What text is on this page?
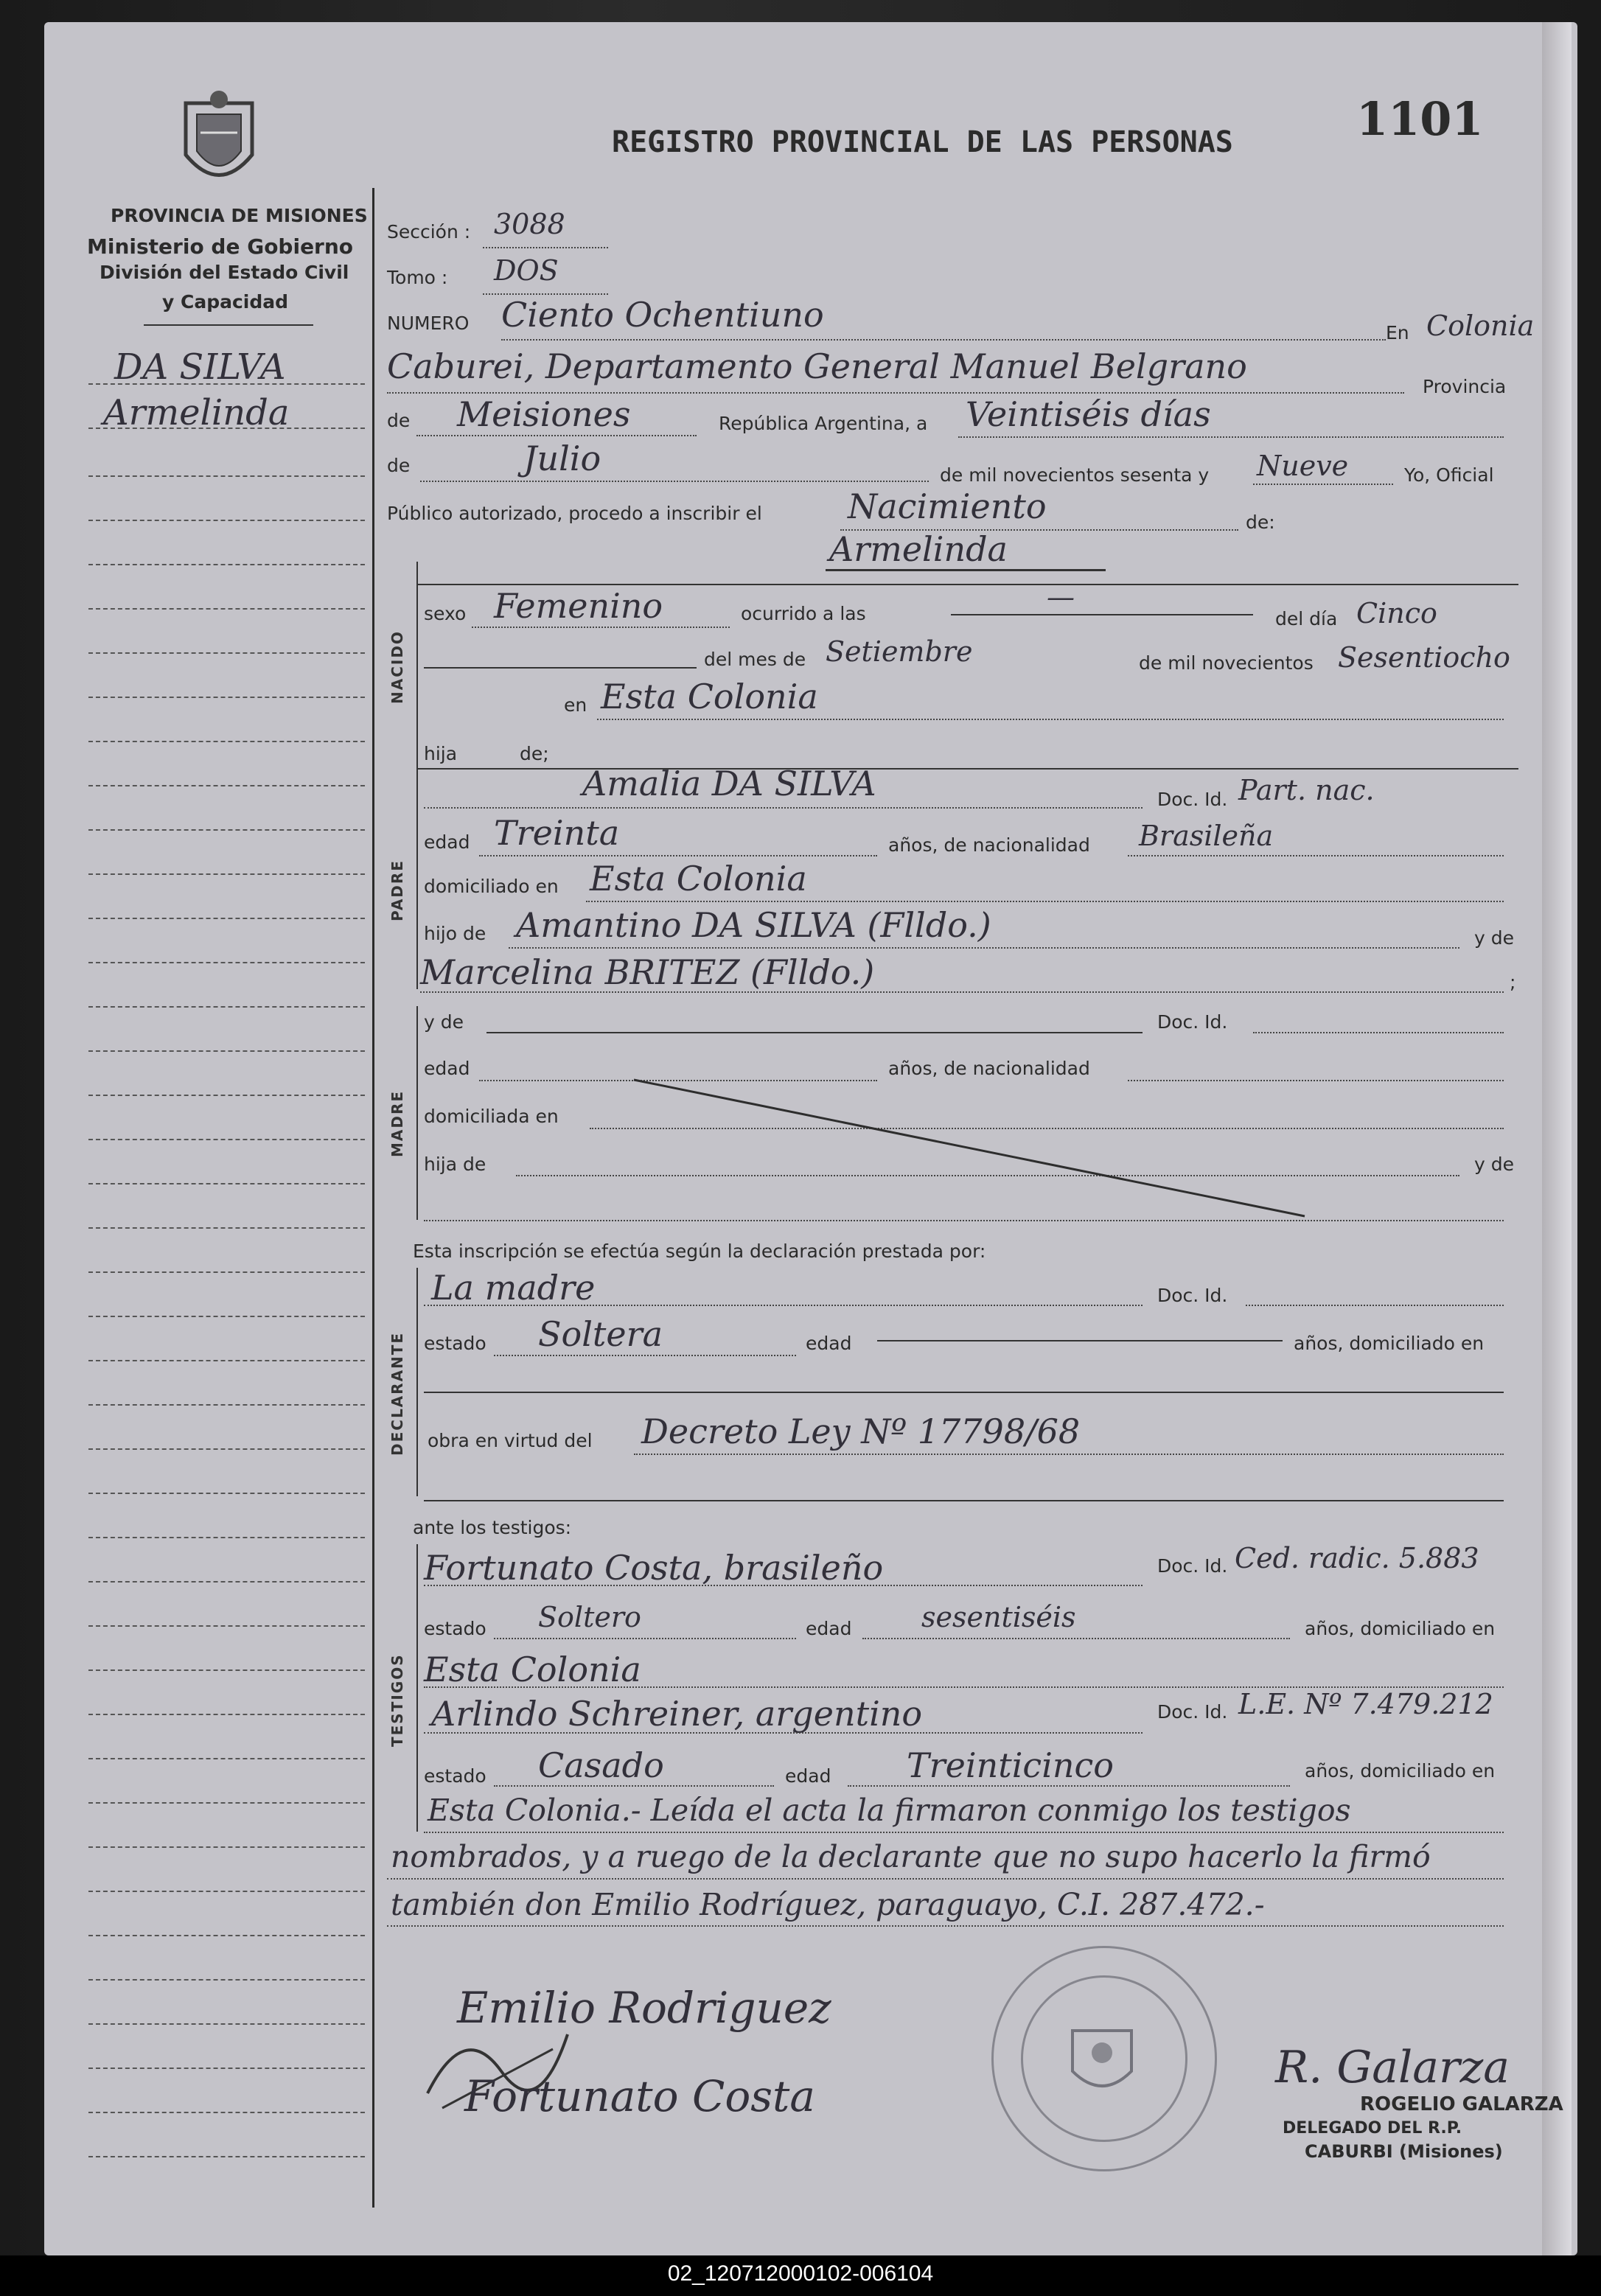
PROVINCIA DE MISIONES
Ministerio de Gobierno
División del Estado Civil
y Capacidad
REGISTRO PROVINCIAL DE LAS PERSONAS	1101
DA SILVA
Armelinda
Sección : 3088
Tomo : DOS
NUMERO Ciento Ochentiuno	En Colonia
Caburei, Departamento General Manuel Belgrano
Provincia
de Meisiones	República Argentina, a Veintiséis días
de	Julio	de mil novecientos sesenta y Nueve	Yo, Oficial
Público autorizado, procedo a inscribir el	Nacimiento	de:
Armelinda
NACIDO
sexo Femenino	ocurrido a las
—
del día Cinco
del mes de Setiembre	de mil novecientos Sesentiocho
en Esta Colonia
hija	de;
PADRE
Amalia DA SILVA	Doc. Id. Part. nac.
edad Treinta	años, de nacionalidad Brasileña
domiciliado en Esta Colonia
hijo de Amantino DA SILVA (Flldo.)	y de
Marcelina BRITEZ (Flldo.)	;
MADRE
y de	Doc. Id.
edad	años, de nacionalidad
domiciliada en
hija de	y de
Esta inscripción se efectúa según la declaración prestada por:
DECLARANTE
La madre	Doc. Id.
estado Soltera	edad	años, domiciliado en
obra en virtud del Decreto Ley Nº 17798/68
ante los testigos:
TESTIGOS
Fortunato Costa, brasileño	Doc. Id. Ced. radic. 5.883
estado Soltero	edad sesentiséis	años, domiciliado en
Esta Colonia
Arlindo Schreiner, argentino	Doc. Id. L.E. Nº 7.479.212
estado Casado	edad Treinticinco	años, domiciliado en
Esta Colonia.- Leída el acta la firmaron conmigo los testigos
nombrados, y a ruego de la declarante que no supo hacerlo la firmó
también don Emilio Rodríguez, paraguayo, C.I. 287.472.-
Emilio Rodriguez
Fortunato Costa
R. Galarza
ROGELIO GALARZA
DELEGADO DEL R.P.
CABURBI (Misiones)
02_120712000102-006104
